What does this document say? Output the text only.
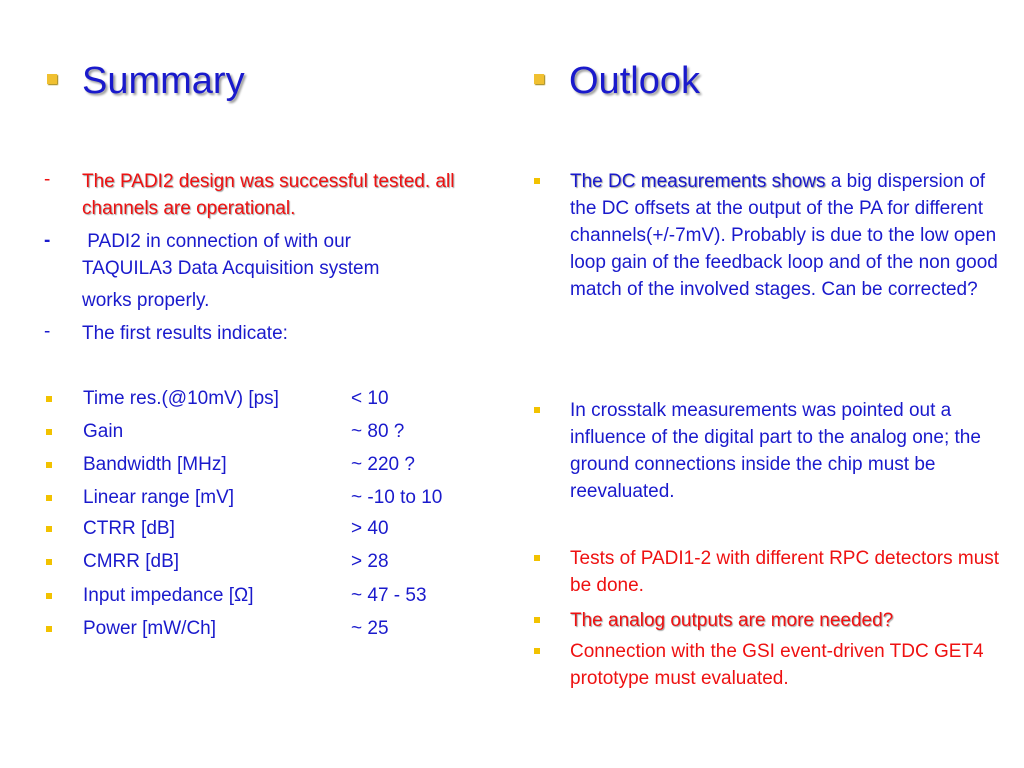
Summary	Outlook
- The PADI2 design was successful tested. all channels are operational.
- PADI2 in connection of with our
TAQUILA3 Data Acquisition system
works properly.
- The first results indicate:
Time res.(@10mV) [ps]	< 10
Gain	~ 80 ?
Bandwidth [MHz]	~ 220 ?
Linear range [mV]	~ -10 to 10
CTRR [dB]	> 40
CMRR [dB]	> 28
Input impedance [Ω]	~ 47 - 53
Power [mW/Ch]	~ 25
The DC measurements shows a big dispersion of the DC offsets at the output of the PA for different channels(+/-7mV). Probably is due to the low open loop gain of the feedback loop and of the non good match of the involved stages. Can be corrected?
In crosstalk measurements was pointed out a influence of the digital part to the analog one; the ground connections inside the chip must be reevaluated.
Tests of PADI1-2 with different RPC detectors must be done.
The analog outputs are more needed?
Connection with the GSI event-driven TDC GET4 prototype must evaluated.
